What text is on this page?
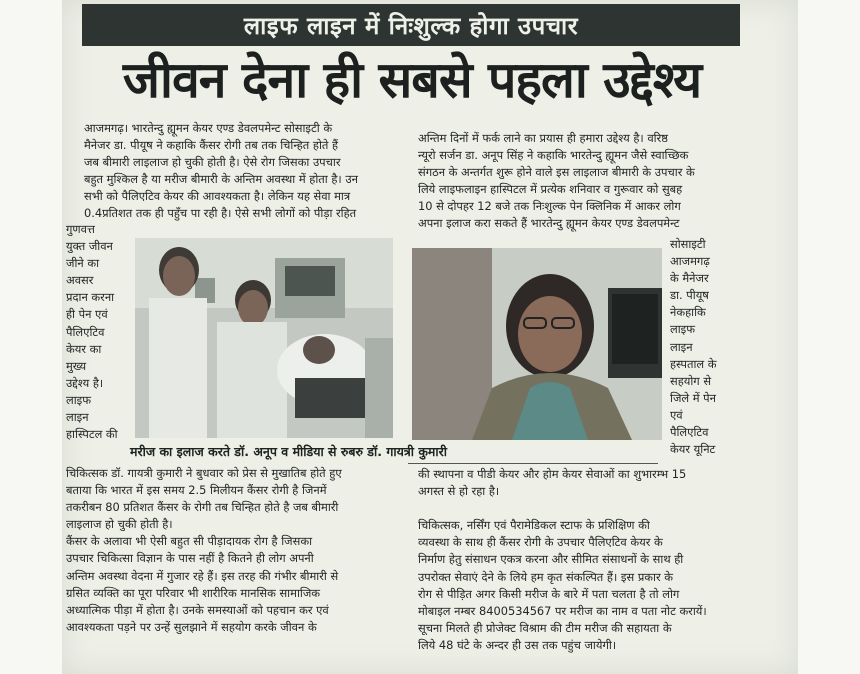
लाइफ लाइन में निःशुल्क होगा उपचार
जीवन देना ही सबसे पहला उद्देश्य
आजमगढ़। भारतेन्दु ह्यूमन केयर एण्ड डेवलपमेन्ट सोसाइटी के
मैनेजर डा. पीयूष ने कहाकि कैंसर रोगी तब तक चिन्हित होते हैं
जब बीमारी लाइलाज हो चुकी होती है। ऐसे रोग जिसका उपचार
बहुत मुश्किल है या मरीज बीमारी के अन्तिम अवस्था में होता है। उन
सभी को पैलिएटिव केयर की आवश्यकता है। लेकिन यह सेवा मात्र
0.4प्रतिशत तक ही पहुँच पा रही है। ऐसे सभी लोगों को पीड़ा रहित
अन्तिम दिनों में फर्क लाने का प्रयास ही हमारा उद्देश्य है। वरिष्ठ
न्यूरो सर्जन डा. अनूप सिंह ने कहाकि भारतेन्दु ह्यूमन जैसे स्वाच्छिक
संगठन के अन्तर्गत शुरू होने वाले इस लाइलाज बीमारी के उपचार के
लिये लाइफलाइन हास्पिटल में प्रत्येक शनिवार व गुरूवार को सुबह
10 से दोपहर 12 बजे तक निःशुल्क पेन क्लिनिक में आकर लोग
अपना इलाज करा सकते हैं भारतेन्दु ह्यूमन केयर एण्ड डेवलपमेन्ट
गुणवत्त
युक्त जीवन
जीने का
अवसर
प्रदान करना
ही पेन एवं
पैलिएटिव
केयर का
मुख्य
उद्देश्य है।
लाइफ
लाइन
हास्पिटल की
सोसाइटी
आजमगढ़
के मैनेजर
डा. पीयूष
नेकहाकि
लाइफ
लाइन
हस्पताल के
सहयोग से
जिले में पेन
एवं
पैलिएटिव
केयर यूनिट
मरीज का इलाज करते डॉ. अनूप व मीडिया से रुबरु डॉ. गायत्री कुमारी
चिकित्सक डॉ. गायत्री कुमारी ने बुधवार को प्रेस से मुखातिब होते हुए
बताया कि भारत में इस समय 2.5 मिलीयन कैंसर रोगी है जिनमें
तकरीबन 80 प्रतिशत कैंसर के रोगी तब चिन्हित होते है जब बीमारी
लाइलाज हो चुकी होती है।
कैंसर के अलावा भी ऐसी बहुत सी पीड़ादायक रोग है जिसका
उपचार चिकित्सा विज्ञान के पास नहीं है कितने ही लोग अपनी
अन्तिम अवस्था वेदना में गुजार रहे हैं। इस तरह की गंभीर बीमारी से
ग्रसित व्यक्ति का पूरा परिवार भी शारीरिक मानसिक सामाजिक
अध्यात्मिक पीड़ा में होता है। उनके समस्याओं को पहचान कर एवं
आवश्यकता पड़ने पर उन्हें सुलझाने में सहयोग करके जीवन के
की स्थापना व पीडी केयर और होम केयर सेवाओं का शुभारम्भ 15
अगस्त से हो रहा है।

चिकित्सक, नर्सिंग एवं पैरामेडिकल स्टाफ के प्रशिक्षिण की
व्यवस्था के साथ ही कैंसर रोगी के उपचार पैलिएटिव केयर के
निर्माण हेतु संसाधन एकत्र करना और सीमित संसाधनों के साथ ही
उपरोक्त सेवाएं देने के लिये हम कृत संकल्पित हैं। इस प्रकार के
रोग से पीड़ित अगर किसी मरीज के बारे में पता चलता है तो लोग
मोबाइल नम्बर 8400534567 पर मरीज का नाम व पता नोट करायें।
सूचना मिलते ही प्रोजेक्ट विश्राम की टीम मरीज की सहायता के
लिये 48 घंटे के अन्दर ही उस तक पहुंच जायेगी।
